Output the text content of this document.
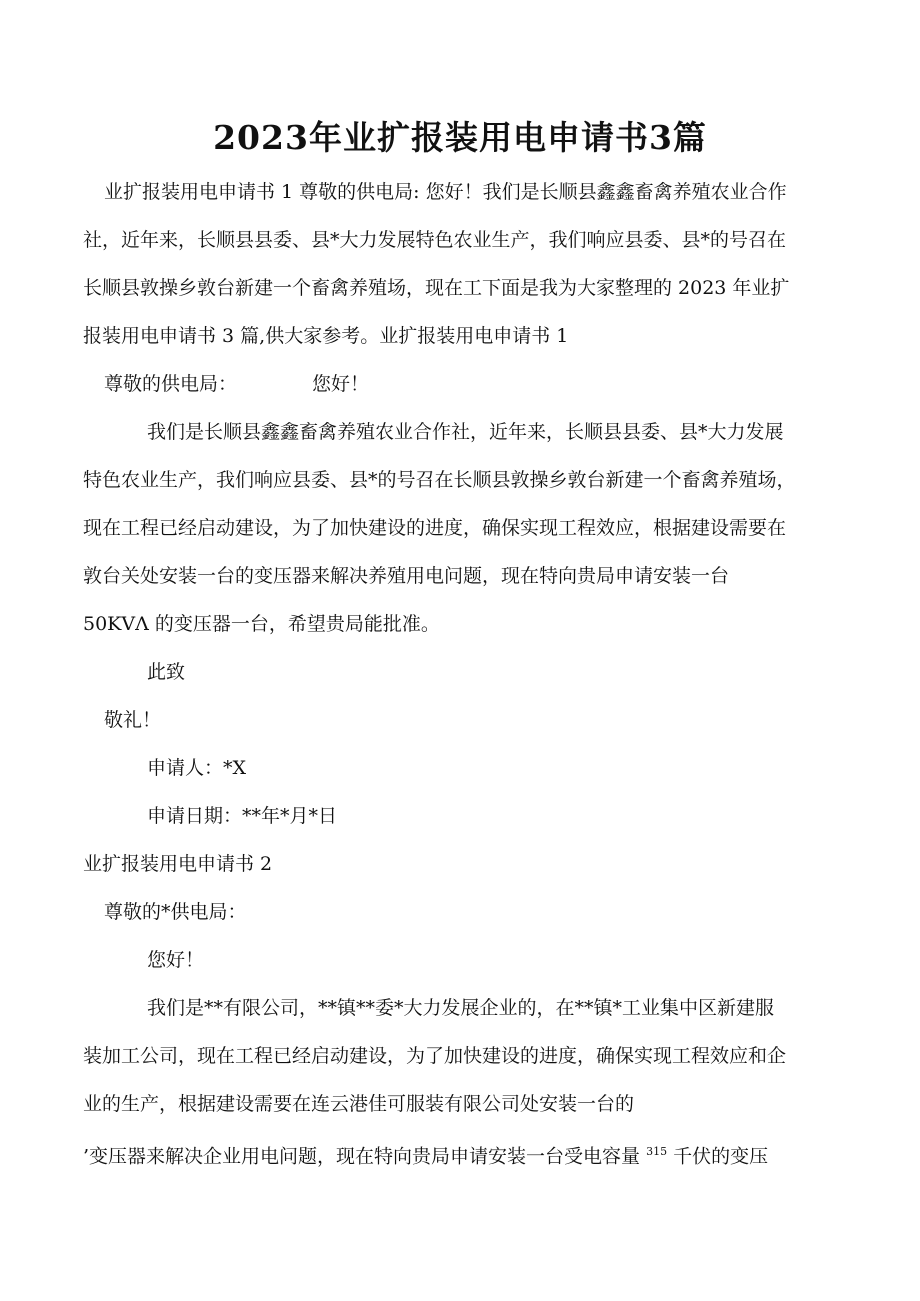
2023年业扩报装用电申请书3篇

业扩报装用电申请书 1 尊敬的供电局: 您好！我们是长顺县鑫鑫畜禽养殖农业合作

社，近年来，长顺县县委、县*大力发展特色农业生产，我们响应县委、县*的号召在

长顺县敦操乡敦台新建一个畜禽养殖场，现在工下面是我为大家整理的 2023 年业扩

报装用电申请书 3 篇,供大家参考。业扩报装用电申请书 1

尊敬的供电局：	您好！

我们是长顺县鑫鑫畜禽养殖农业合作社，近年来，长顺县县委、县*大力发展

特色农业生产，我们响应县委、县*的号召在长顺县敦操乡敦台新建一个畜禽养殖场，

现在工程已经启动建设，为了加快建设的进度，确保实现工程效应，根据建设需要在

敦台关处安装一台的变压器来解决养殖用电问题，现在特向贵局申请安装一台

50KVΛ 的变压器一台，希望贵局能批准。

此致

敬礼！

申请人：*X

申请日期：**年*月*日

业扩报装用电申请书 2

尊敬的*供电局：

您好！

我们是**有限公司，**镇**委*大力发展企业的，在**镇*工业集中区新建服

装加工公司，现在工程已经启动建设，为了加快建设的进度，确保实现工程效应和企

业的生产，根据建设需要在连云港佳可服装有限公司处安装一台的

’变压器来解决企业用电问题，现在特向贵局申请安装一台受电容量 $^{315}$ 千伏的变压
